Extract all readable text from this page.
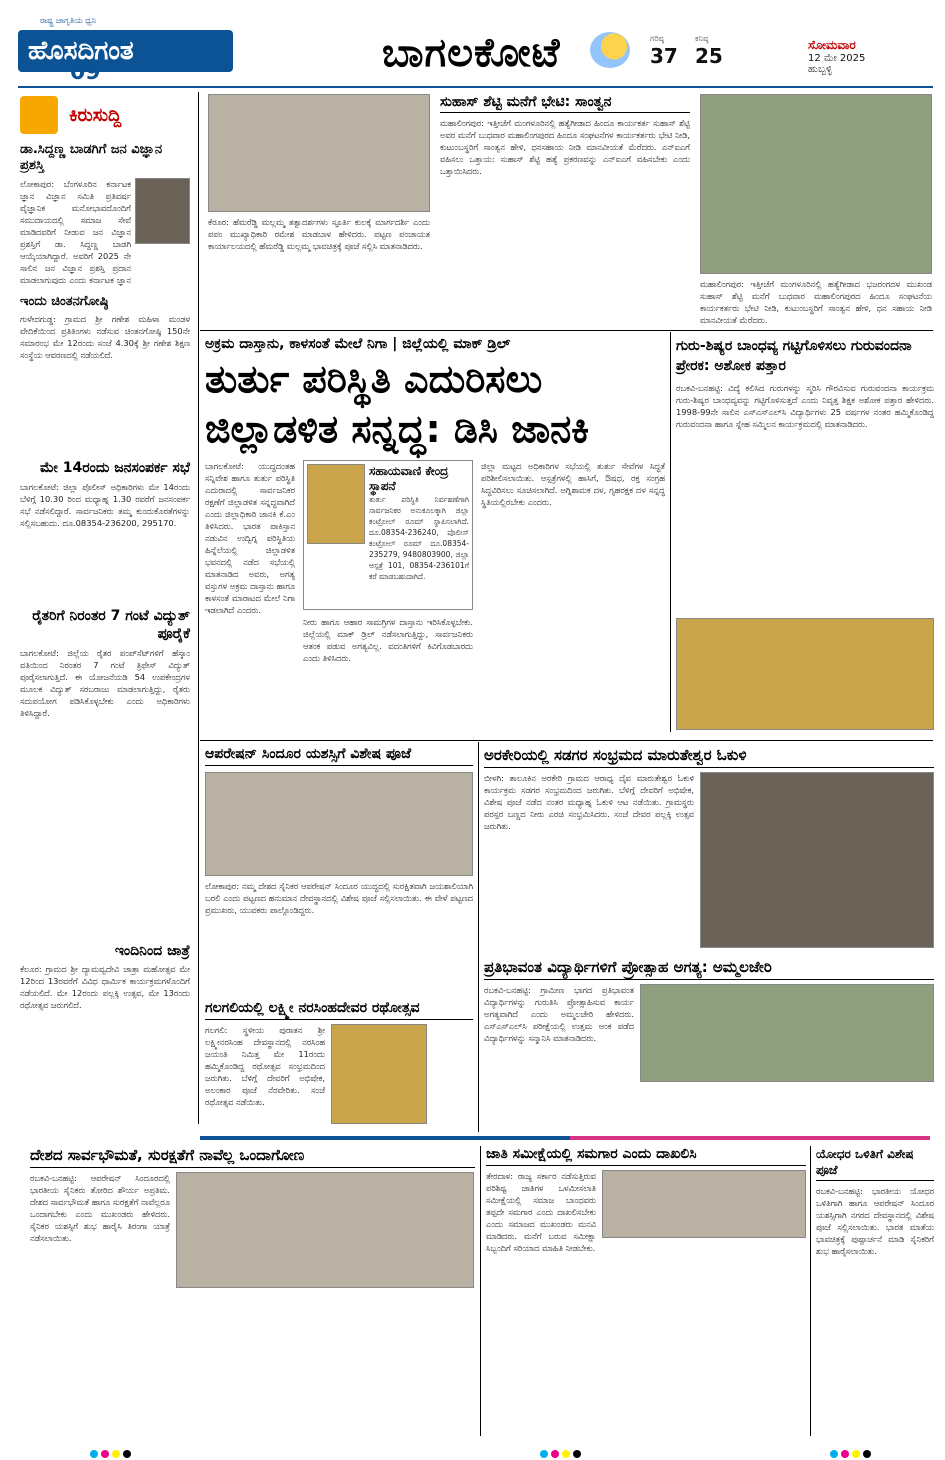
ಹೊಸದಿಗಂತ
ರಾಷ್ಟ್ರ ಜಾಗೃತಿಯ ಧ್ವನಿ
09	ಬಾಗಲಕೋಟೆ	ಗರಿಷ್ಠ
37
ಕನಿಷ್ಠ
25	ಸೋಮವಾರ
12 ಮೇ 2025
ಹುಬ್ಬಳ್ಳಿ
ಕಿರುಸುದ್ದಿ
ಡಾ.ಸಿದ್ದಣ್ಣ ಬಾಡಗಿಗೆ ಜನ ವಿಜ್ಞಾನ ಪ್ರಶಸ್ತಿ
ಲೋಕಾಪುರ: ಬೆಂಗಳೂರಿನ ಕರ್ನಾಟಕ ಜ್ಞಾನ ವಿಜ್ಞಾನ ಸಮಿತಿ ಪ್ರತಿವರ್ಷ ವೈಜ್ಞಾನಿಕ ಮನೋಭಾವದೊಂದಿಗೆ ಸಮುದಾಯದಲ್ಲಿ ಸಮಾಜ ಸೇವೆ ಮಾಡಿದವರಿಗೆ ನೀಡುವ ಜನ ವಿಜ್ಞಾನ ಪ್ರಶಸ್ತಿಗೆ ಡಾ. ಸಿದ್ದಣ್ಣ ಬಾಡಗಿ ಆಯ್ಕೆಯಾಗಿದ್ದಾರೆ. ಅವರಿಗೆ 2025 ನೇ ಸಾಲಿನ ಜನ ವಿಜ್ಞಾನ ಪ್ರಶಸ್ತಿ ಪ್ರದಾನ ಮಾಡಲಾಗುವುದು ಎಂದು ಕರ್ನಾಟಕ ಜ್ಞಾನ
ಇಂದು ಚಿಂತನಗೋಷ್ಠಿ
ಗುಳೇದಗುಡ್ಡ: ಗ್ರಾಮದ ಶ್ರೀ ಗಣೇಶ ಮಹಿಳಾ ಮಂಡಳ ವೇದಿಕೆಯಿಂದ ಪ್ರತಿತಿಂಗಳು ನಡೆಸುವ ಚಿಂತನಗೋಷ್ಠಿ 150ನೇ ಸಮಾರಂಭ ಮೇ 12ರಂದು ಸಂಜೆ 4.30ಕ್ಕೆ ಶ್ರೀ ಗಣೇಶ ಶಿಕ್ಷಣ ಸಂಸ್ಥೆಯ ಆವರಣದಲ್ಲಿ ನಡೆಯಲಿದೆ.
ಮೇ 14ರಂದು ಜನಸಂಪರ್ಕ ಸಭೆ
ಬಾಗಲಕೋಟೆ: ಜಿಲ್ಲಾ ಪೊಲೀಸ್ ಅಧಿಕಾರಿಗಳು ಮೇ 14ರಂದು ಬೆಳಿಗ್ಗೆ 10.30 ರಿಂದ ಮಧ್ಯಾಹ್ನ 1.30 ರವರೆಗೆ ಜನಸಂಪರ್ಕ ಸಭೆ ನಡೆಸಲಿದ್ದಾರೆ. ಸಾರ್ವಜನಿಕರು ತಮ್ಮ ಕುಂದುಕೊರತೆಗಳನ್ನು ಸಲ್ಲಿಸಬಹುದು. ದೂ.08354-236200, 295170.
ರೈತರಿಗೆ ನಿರಂತರ 7 ಗಂಟೆ ವಿದ್ಯುತ್ ಪೂರೈಕೆ
ಬಾಗಲಕೋಟೆ: ಜಿಲ್ಲೆಯ ರೈತರ ಪಂಪ್‌ಸೆಟ್‌ಗಳಿಗೆ ಹೆಸ್ಕಾಂ ವತಿಯಿಂದ ನಿರಂತರ 7 ಗಂಟೆ ತ್ರಿಫೇಸ್ ವಿದ್ಯುತ್ ಪೂರೈಸಲಾಗುತ್ತಿದೆ. ಈ ಯೋಜನೆಯಡಿ 54 ಉಪಕೇಂದ್ರಗಳ ಮೂಲಕ ವಿದ್ಯುತ್ ಸರಬರಾಜು ಮಾಡಲಾಗುತ್ತಿದ್ದು, ರೈತರು ಸದುಪಯೋಗ ಪಡಿಸಿಕೊಳ್ಳಬೇಕು ಎಂದು ಅಧಿಕಾರಿಗಳು ತಿಳಿಸಿದ್ದಾರೆ.
ಇಂದಿನಿಂದ ಜಾತ್ರೆ
ಕೆಲೂರ: ಗ್ರಾಮದ ಶ್ರೀ ದ್ಯಾಮವ್ವದೇವಿ ಜಾತ್ರಾ ಮಹೋತ್ಸವ ಮೇ 12ರಿಂದ 13ರವರೆಗೆ ವಿವಿಧ ಧಾರ್ಮಿಕ ಕಾರ್ಯಕ್ರಮಗಳೊಂದಿಗೆ ನಡೆಯಲಿದೆ. ಮೇ 12ರಂದು ಪಲ್ಲಕ್ಕಿ ಉತ್ಸವ, ಮೇ 13ರಂದು ರಥೋತ್ಸವ ಜರುಗಲಿದೆ.
ಕೆರೂರ: ಹೆಮರೆಡ್ಡಿ ಮಲ್ಲಮ್ಮ ತತ್ವಾದರ್ಶಗಳು ಸ್ಫೂರ್ತಿ ಕುಲಕ್ಕೆ ಮಾರ್ಗದರ್ಶಿ ಎಂದು ಪಪಂ ಮುಖ್ಯಾಧಿಕಾರಿ ರಮೇಶ ಮಾಡಬಾಳ ಹೇಳಿದರು. ಪಟ್ಟಣ ಪಂಚಾಯತ ಕಾರ್ಯಾಲಯದಲ್ಲಿ ಹೆಮರೆಡ್ಡಿ ಮಲ್ಲಮ್ಮ ಭಾವಚಿತ್ರಕ್ಕೆ ಪೂಜೆ ಸಲ್ಲಿಸಿ ಮಾತನಾಡಿದರು.
ಸುಹಾಸ್ ಶೆಟ್ಟಿ ಮನೆಗೆ ಭೇಟಿ: ಸಾಂತ್ವನ
ಮಹಾಲಿಂಗಪುರ: ಇತ್ತೀಚೆಗೆ ಮಂಗಳೂರಿನಲ್ಲಿ ಹತ್ಯೆಗೀಡಾದ ಹಿಂದೂ ಕಾರ್ಯಕರ್ತ ಸುಹಾಸ್ ಶೆಟ್ಟಿ ಅವರ ಮನೆಗೆ ಬುಧವಾರ ಮಹಾಲಿಂಗಪುರದ ಹಿಂದೂ ಸಂಘಟನೆಗಳ ಕಾರ್ಯಕರ್ತರು ಭೇಟಿ ನೀಡಿ, ಕುಟುಂಬಸ್ಥರಿಗೆ ಸಾಂತ್ವನ ಹೇಳಿ, ಧನಸಹಾಯ ನೀಡಿ ಮಾನವೀಯತೆ ಮೆರೆದರು. ಎನ್‌ಐಎಗೆ ವಹಿಸಲು ಒತ್ತಾಯ: ಸುಹಾಸ್ ಶೆಟ್ಟಿ ಹತ್ಯೆ ಪ್ರಕರಣವನ್ನು ಎನ್‌ಐಎಗೆ ವಹಿಸಬೇಕು ಎಂದು ಒತ್ತಾಯಿಸಿದರು.
ಮಹಾಲಿಂಗಪುರ: ಇತ್ತೀಚೆಗೆ ಮಂಗಳೂರಿನಲ್ಲಿ ಹತ್ಯೆಗೀಡಾದ ಭಜರಂಗದಳ ಮುಖಂಡ ಸುಹಾಸ್ ಶೆಟ್ಟಿ ಮನೆಗೆ ಬುಧವಾರ ಮಹಾಲಿಂಗಪುರದ ಹಿಂದೂ ಸಂಘಟನೆಯ ಕಾರ್ಯಕರ್ತರು ಭೇಟಿ ನೀಡಿ, ಕುಟುಂಬಸ್ಥರಿಗೆ ಸಾಂತ್ವನ ಹೇಳಿ, ಧನ ಸಹಾಯ ನೀಡಿ ಮಾನವೀಯತೆ ಮೆರೆದರು.
ಅಕ್ರಮ ದಾಸ್ತಾನು, ಕಾಳಸಂತೆ ಮೇಲೆ ನಿಗಾ | ಜಿಲ್ಲೆಯಲ್ಲಿ ಮಾಕ್ ಡ್ರಿಲ್
ತುರ್ತು ಪರಿಸ್ಥಿತಿ ಎದುರಿಸಲು
ಜಿಲ್ಲಾಡಳಿತ ಸನ್ನದ್ಧ: ಡಿಸಿ ಜಾನಕಿ
ಬಾಗಲಕೋಟೆ: ಯುದ್ಧದಂತಹ ಸನ್ನಿವೇಶ ಹಾಗೂ ತುರ್ತು ಪರಿಸ್ಥಿತಿ ಎದುರಾದಲ್ಲಿ ಸಾರ್ವಜನಿಕರ ರಕ್ಷಣೆಗೆ ಜಿಲ್ಲಾಡಳಿತ ಸನ್ನದ್ಧವಾಗಿದೆ ಎಂದು ಜಿಲ್ಲಾಧಿಕಾರಿ ಜಾನಕಿ ಕೆ.ಎಂ ತಿಳಿಸಿದರು. ಭಾರತ ಪಾಕಿಸ್ತಾನ ನಡುವಿನ ಉದ್ವಿಗ್ನ ಪರಿಸ್ಥಿತಿಯ ಹಿನ್ನೆಲೆಯಲ್ಲಿ ಜಿಲ್ಲಾಡಳಿತ ಭವನದಲ್ಲಿ ನಡೆದ ಸಭೆಯಲ್ಲಿ ಮಾತನಾಡಿದ ಅವರು, ಅಗತ್ಯ ವಸ್ತುಗಳ ಅಕ್ರಮ ದಾಸ್ತಾನು ಹಾಗೂ ಕಾಳಸಂತೆ ಮಾರಾಟದ ಮೇಲೆ ನಿಗಾ ಇಡಲಾಗಿದೆ ಎಂದರು.
ಸಹಾಯವಾಣಿ ಕೇಂದ್ರ ಸ್ಥಾಪನೆ
ತುರ್ತು ಪರಿಸ್ಥಿತಿ ನಿರ್ವಹಣೆಗಾಗಿ ಸಾರ್ವಜನಿಕರ ಅನುಕೂಲಕ್ಕಾಗಿ ಜಿಲ್ಲಾ ಕಂಟ್ರೋಲ್ ರೂಮ್ ಸ್ಥಾಪಿಸಲಾಗಿದೆ. ದೂ.08354-236240, ಪೊಲೀಸ್ ಕಂಟ್ರೋಲ್ ರೂಮ್ ದೂ.08354-235279, 9480803900, ಜಿಲ್ಲಾ ಆಸ್ಪತ್ರೆ 101, 08354-236101ಗೆ ಕರೆ ಮಾಡಬಹುದಾಗಿದೆ.
ನೀರು ಹಾಗೂ ಆಹಾರ ಸಾಮಗ್ರಿಗಳ ದಾಸ್ತಾನು ಇರಿಸಿಕೊಳ್ಳಬೇಕು. ಜಿಲ್ಲೆಯಲ್ಲಿ ಮಾಕ್ ಡ್ರಿಲ್ ನಡೆಸಲಾಗುತ್ತಿದ್ದು, ಸಾರ್ವಜನಿಕರು ಆತಂಕ ಪಡುವ ಅಗತ್ಯವಿಲ್ಲ. ವದಂತಿಗಳಿಗೆ ಕಿವಿಗೊಡಬಾರದು ಎಂದು ತಿಳಿಸಿದರು.
ಜಿಲ್ಲಾ ಮಟ್ಟದ ಅಧಿಕಾರಿಗಳ ಸಭೆಯಲ್ಲಿ ತುರ್ತು ಸೇವೆಗಳ ಸಿದ್ಧತೆ ಪರಿಶೀಲಿಸಲಾಯಿತು. ಆಸ್ಪತ್ರೆಗಳಲ್ಲಿ ಹಾಸಿಗೆ, ಔಷಧ, ರಕ್ತ ಸಂಗ್ರಹ ಸಿದ್ಧವಿರಿಸಲು ಸೂಚಿಸಲಾಗಿದೆ. ಅಗ್ನಿಶಾಮಕ ದಳ, ಗೃಹರಕ್ಷಕ ದಳ ಸನ್ನದ್ಧ ಸ್ಥಿತಿಯಲ್ಲಿರಬೇಕು ಎಂದರು.
ಗುರು-ಶಿಷ್ಯರ ಬಾಂಧವ್ಯ ಗಟ್ಟಿಗೊಳಿಸಲು ಗುರುವಂದನಾ ಪ್ರೇರಕ: ಅಶೋಕ ಪತ್ತಾರ
ರಬಕವಿ-ಬನಹಟ್ಟಿ: ವಿದ್ಯೆ ಕಲಿಸಿದ ಗುರುಗಳನ್ನು ಸ್ಮರಿಸಿ ಗೌರವಿಸುವ ಗುರುವಂದನಾ ಕಾರ್ಯಕ್ರಮ ಗುರು-ಶಿಷ್ಯರ ಬಾಂಧವ್ಯವನ್ನು ಗಟ್ಟಿಗೊಳಿಸುತ್ತದೆ ಎಂದು ನಿವೃತ್ತ ಶಿಕ್ಷಕ ಅಶೋಕ ಪತ್ತಾರ ಹೇಳಿದರು. 1998-99ನೇ ಸಾಲಿನ ಎಸ್‌ಎಸ್‌ಎಲ್‌ಸಿ ವಿದ್ಯಾರ್ಥಿಗಳು 25 ವರ್ಷಗಳ ನಂತರ ಹಮ್ಮಿಕೊಂಡಿದ್ದ ಗುರುವಂದನಾ ಹಾಗೂ ಸ್ನೇಹ ಸಮ್ಮಿಲನ ಕಾರ್ಯಕ್ರಮದಲ್ಲಿ ಮಾತನಾಡಿದರು.
ಆಪರೇಷನ್ ಸಿಂದೂರ ಯಶಸ್ಸಿಗೆ ವಿಶೇಷ ಪೂಜೆ
ಲೋಕಾಪುರ: ನಮ್ಮ ದೇಶದ ಸೈನಿಕರ ಆಪರೇಷನ್ ಸಿಂದೂರ ಯುದ್ಧದಲ್ಲಿ ಸುರಕ್ಷಿತವಾಗಿ ಜಯಶಾಲಿಯಾಗಿ ಬರಲಿ ಎಂದು ಪಟ್ಟಣದ ಹನುಮಾನ ದೇವಸ್ಥಾನದಲ್ಲಿ ವಿಶೇಷ ಪೂಜೆ ಸಲ್ಲಿಸಲಾಯಿತು. ಈ ವೇಳೆ ಪಟ್ಟಣದ ಪ್ರಮುಖರು, ಯುವಕರು ಪಾಲ್ಗೊಂಡಿದ್ದರು.
ಅರಕೇರಿಯಲ್ಲಿ ಸಡಗರ ಸಂಭ್ರಮದ ಮಾರುತೇಶ್ವರ ಓಕುಳಿ
ಬೀಳಗಿ: ತಾಲೂಕಿನ ಅರಕೇರಿ ಗ್ರಾಮದ ಆರಾಧ್ಯ ದೈವ ಮಾರುತೇಶ್ವರ ಓಕುಳಿ ಕಾರ್ಯಕ್ರಮ ಸಡಗರ ಸಂಭ್ರಮದಿಂದ ಜರುಗಿತು. ಬೆಳಿಗ್ಗೆ ದೇವರಿಗೆ ಅಭಿಷೇಕ, ವಿಶೇಷ ಪೂಜೆ ನಡೆದ ನಂತರ ಮಧ್ಯಾಹ್ನ ಓಕುಳಿ ಆಟ ನಡೆಯಿತು. ಗ್ರಾಮಸ್ಥರು ಪರಸ್ಪರ ಬಣ್ಣದ ನೀರು ಎರಚಿ ಸಂಭ್ರಮಿಸಿದರು. ಸಂಜೆ ದೇವರ ಪಲ್ಲಕ್ಕಿ ಉತ್ಸವ ಜರುಗಿತು.
ಪ್ರತಿಭಾವಂತ ವಿದ್ಯಾರ್ಥಿಗಳಿಗೆ ಪ್ರೋತ್ಸಾಹ ಅಗತ್ಯ: ಅಮ್ಮಲಜೇರಿ
ರಬಕವಿ-ಬನಹಟ್ಟಿ: ಗ್ರಾಮೀಣ ಭಾಗದ ಪ್ರತಿಭಾವಂತ ವಿದ್ಯಾರ್ಥಿಗಳನ್ನು ಗುರುತಿಸಿ ಪ್ರೋತ್ಸಾಹಿಸುವ ಕಾರ್ಯ ಅಗತ್ಯವಾಗಿದೆ ಎಂದು ಅಮ್ಮಲಜೇರಿ ಹೇಳಿದರು. ಎಸ್‌ಎಸ್‌ಎಲ್‌ಸಿ ಪರೀಕ್ಷೆಯಲ್ಲಿ ಉತ್ತಮ ಅಂಕ ಪಡೆದ ವಿದ್ಯಾರ್ಥಿಗಳನ್ನು ಸನ್ಮಾನಿಸಿ ಮಾತನಾಡಿದರು.
ಗಲಗಲಿಯಲ್ಲಿ ಲಕ್ಷ್ಮೀ ನರಸಿಂಹದೇವರ ರಥೋತ್ಸವ
ಗಲಗಲಿ: ಸ್ಥಳೀಯ ಪುರಾತನ ಶ್ರೀ ಲಕ್ಷ್ಮೀನರಸಿಂಹ ದೇವಸ್ಥಾನದಲ್ಲಿ ನರಸಿಂಹ ಜಯಂತಿ ನಿಮಿತ್ತ ಮೇ 11ರಂದು ಹಮ್ಮಿಕೊಂಡಿದ್ದ ರಥೋತ್ಸವ ಸಂಭ್ರಮದಿಂದ ಜರುಗಿತು. ಬೆಳಿಗ್ಗೆ ದೇವರಿಗೆ ಅಭಿಷೇಕ, ಅಲಂಕಾರ ಪೂಜೆ ನೆರವೇರಿತು. ಸಂಜೆ ರಥೋತ್ಸವ ನಡೆಯಿತು.
ದೇಶದ ಸಾರ್ವಭೌಮತೆ, ಸುರಕ್ಷತೆಗೆ ನಾವೆಲ್ಲ ಒಂದಾಗೋಣ
ರಬಕವಿ-ಬನಹಟ್ಟಿ: ಆಪರೇಷನ್ ಸಿಂದೂರದಲ್ಲಿ ಭಾರತೀಯ ಸೈನಿಕರು ತೋರಿದ ಶೌರ್ಯ ಅಪ್ರತಿಮ. ದೇಶದ ಸಾರ್ವಭೌಮತೆ ಹಾಗೂ ಸುರಕ್ಷತೆಗೆ ನಾವೆಲ್ಲರೂ ಒಂದಾಗಬೇಕು ಎಂದು ಮುಖಂಡರು ಹೇಳಿದರು. ಸೈನಿಕರ ಯಶಸ್ಸಿಗೆ ಶುಭ ಹಾರೈಸಿ ತಿರಂಗಾ ಯಾತ್ರೆ ನಡೆಸಲಾಯಿತು.
ಜಾತಿ ಸಮೀಕ್ಷೆಯಲ್ಲಿ ಸಮಗಾರ ಎಂದು ದಾಖಲಿಸಿ
ತೇರದಾಳ: ರಾಜ್ಯ ಸರ್ಕಾರ ನಡೆಸುತ್ತಿರುವ ಪರಿಶಿಷ್ಟ ಜಾತಿಗಳ ಒಳಮೀಸಲಾತಿ ಸಮೀಕ್ಷೆಯಲ್ಲಿ ಸಮಾಜ ಬಾಂಧವರು ತಪ್ಪದೇ ಸಮಗಾರ ಎಂದು ದಾಖಲಿಸಬೇಕು ಎಂದು ಸಮಾಜದ ಮುಖಂಡರು ಮನವಿ ಮಾಡಿದರು. ಮನೆಗೆ ಬರುವ ಸಮೀಕ್ಷಾ ಸಿಬ್ಬಂದಿಗೆ ಸರಿಯಾದ ಮಾಹಿತಿ ನೀಡಬೇಕು.
ಯೋಧರ ಒಳಿತಿಗೆ ವಿಶೇಷ ಪೂಜೆ
ರಬಕವಿ-ಬನಹಟ್ಟಿ: ಭಾರತೀಯ ಯೋಧರ ಒಳಿತಿಗಾಗಿ ಹಾಗೂ ಆಪರೇಷನ್ ಸಿಂದೂರ ಯಶಸ್ಸಿಗಾಗಿ ನಗರದ ದೇವಸ್ಥಾನದಲ್ಲಿ ವಿಶೇಷ ಪೂಜೆ ಸಲ್ಲಿಸಲಾಯಿತು. ಭಾರತ ಮಾತೆಯ ಭಾವಚಿತ್ರಕ್ಕೆ ಪುಷ್ಪಾರ್ಚನೆ ಮಾಡಿ ಸೈನಿಕರಿಗೆ ಶುಭ ಹಾರೈಸಲಾಯಿತು.
